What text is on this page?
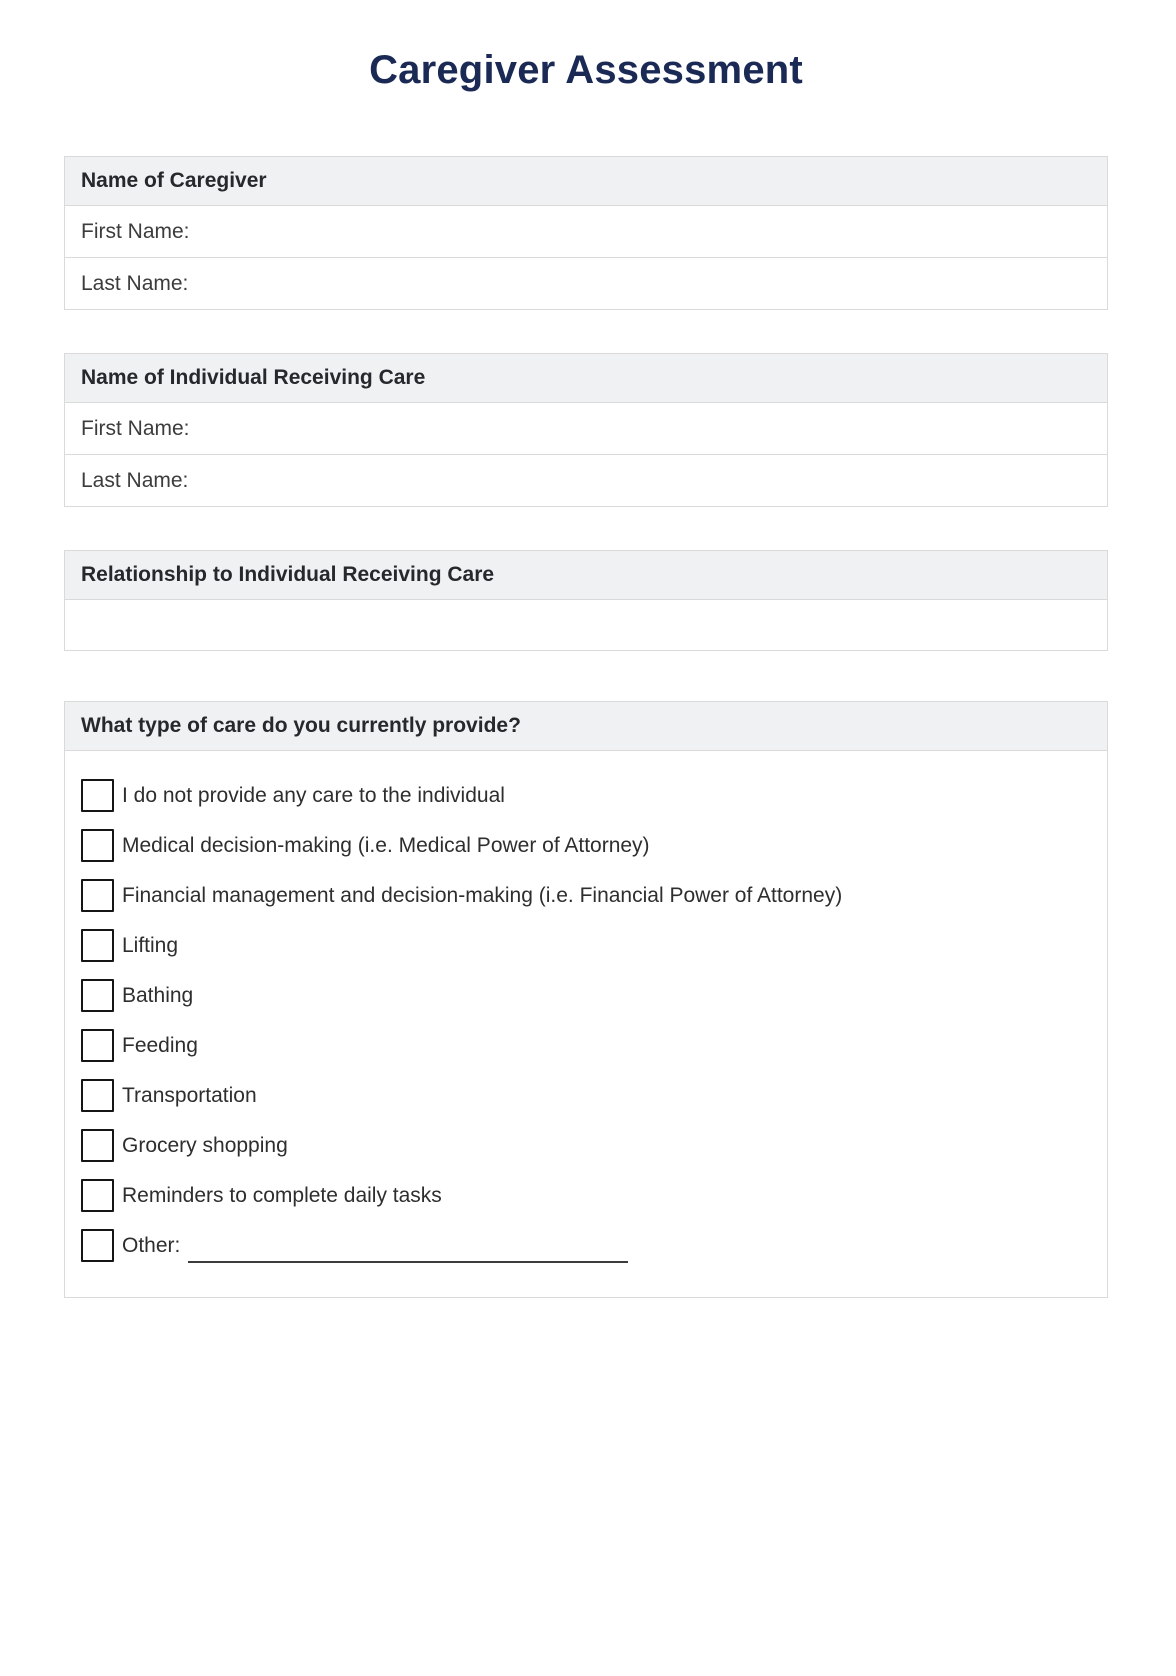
Caregiver Assessment
Name of Caregiver
First Name:
Last Name:
Name of Individual Receiving Care
First Name:
Last Name:
Relationship to Individual Receiving Care
What type of care do you currently provide?
I do not provide any care to the individual
Medical decision-making (i.e. Medical Power of Attorney)
Financial management and decision-making (i.e. Financial Power of Attorney)
Lifting
Bathing
Feeding
Transportation
Grocery shopping
Reminders to complete daily tasks
Other:
